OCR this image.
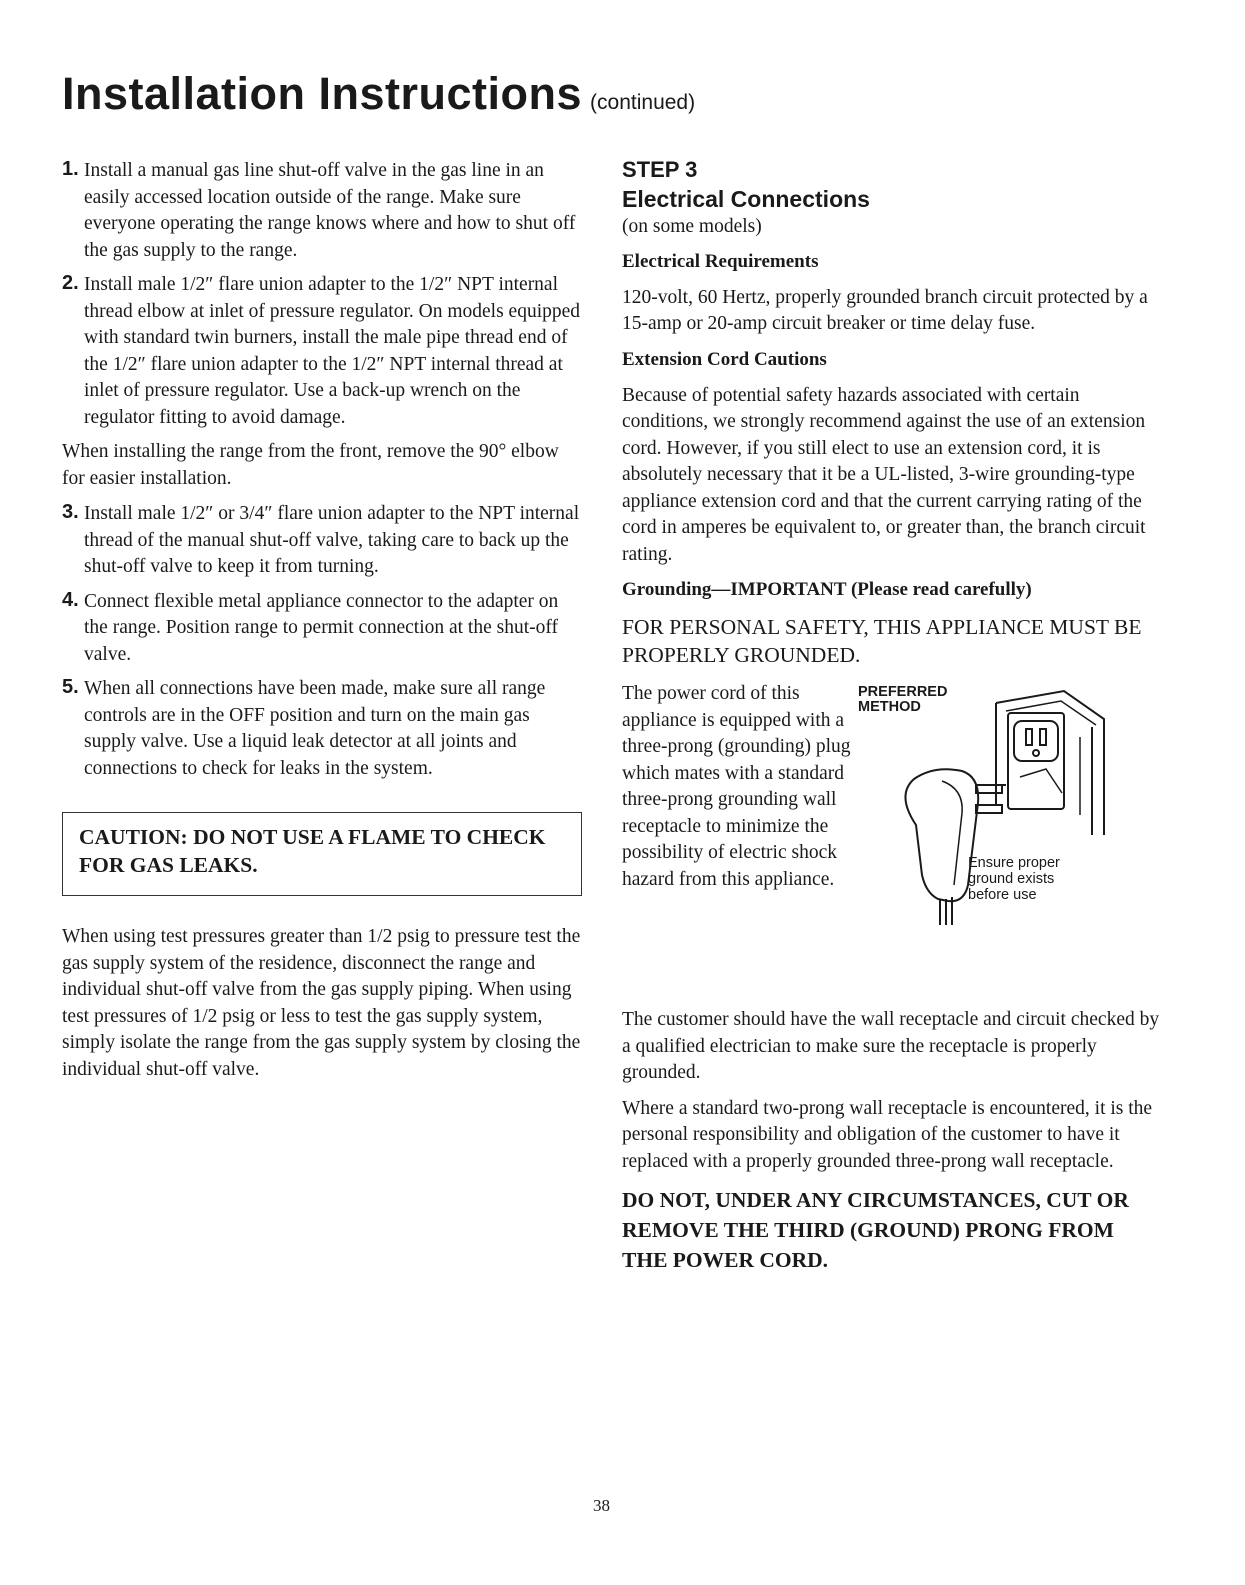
Installation Instructions (continued)
1. Install a manual gas line shut-off valve in the gas line in an easily accessed location outside of the range. Make sure everyone operating the range knows where and how to shut off the gas supply to the range.

2. Install male 1/2″ flare union adapter to the 1/2″ NPT internal thread elbow at inlet of pressure regulator. On models equipped with standard twin burners, install the male pipe thread end of the 1/2″ flare union adapter to the 1/2″ NPT internal thread at inlet of pressure regulator. Use a back-up wrench on the regulator fitting to avoid damage.

When installing the range from the front, remove the 90° elbow for easier installation.

3. Install male 1/2″ or 3/4″ flare union adapter to the NPT internal thread of the manual shut-off valve, taking care to back up the shut-off valve to keep it from turning.

4. Connect flexible metal appliance connector to the adapter on the range. Position range to permit connection at the shut-off valve.

5. When all connections have been made, make sure all range controls are in the OFF position and turn on the main gas supply valve. Use a liquid leak detector at all joints and connections to check for leaks in the system.

CAUTION: DO NOT USE A FLAME TO CHECK FOR GAS LEAKS.

When using test pressures greater than 1/2 psig to pressure test the gas supply system of the residence, disconnect the range and individual shut-off valve from the gas supply piping. When using test pressures of 1/2 psig or less to test the gas supply system, simply isolate the range from the gas supply system by closing the individual shut-off valve.

STEP 3
Electrical Connections

(on some models)

Electrical Requirements

120-volt, 60 Hertz, properly grounded branch circuit protected by a 15-amp or 20-amp circuit breaker or time delay fuse.

Extension Cord Cautions

Because of potential safety hazards associated with certain conditions, we strongly recommend against the use of an extension cord. However, if you still elect to use an extension cord, it is absolutely necessary that it be a UL-listed, 3-wire grounding-type appliance extension cord and that the current carrying rating of the cord in amperes be equivalent to, or greater than, the branch circuit rating.

Grounding—IMPORTANT (Please read carefully)

FOR PERSONAL SAFETY, THIS APPLIANCE MUST BE PROPERLY GROUNDED.

The power cord of this appliance is equipped with a three-prong (grounding) plug which mates with a standard three-prong grounding wall receptacle to minimize the possibility of electric shock hazard from this appliance.

PREFERRED
METHOD
Ensure proper
ground exists
before use

The customer should have the wall receptacle and circuit checked by a qualified electrician to make sure the receptacle is properly grounded.

Where a standard two-prong wall receptacle is encountered, it is the personal responsibility and obligation of the customer to have it replaced with a properly grounded three-prong wall receptacle.

DO NOT, UNDER ANY CIRCUMSTANCES, CUT OR REMOVE THE THIRD (GROUND) PRONG FROM THE POWER CORD.
38
